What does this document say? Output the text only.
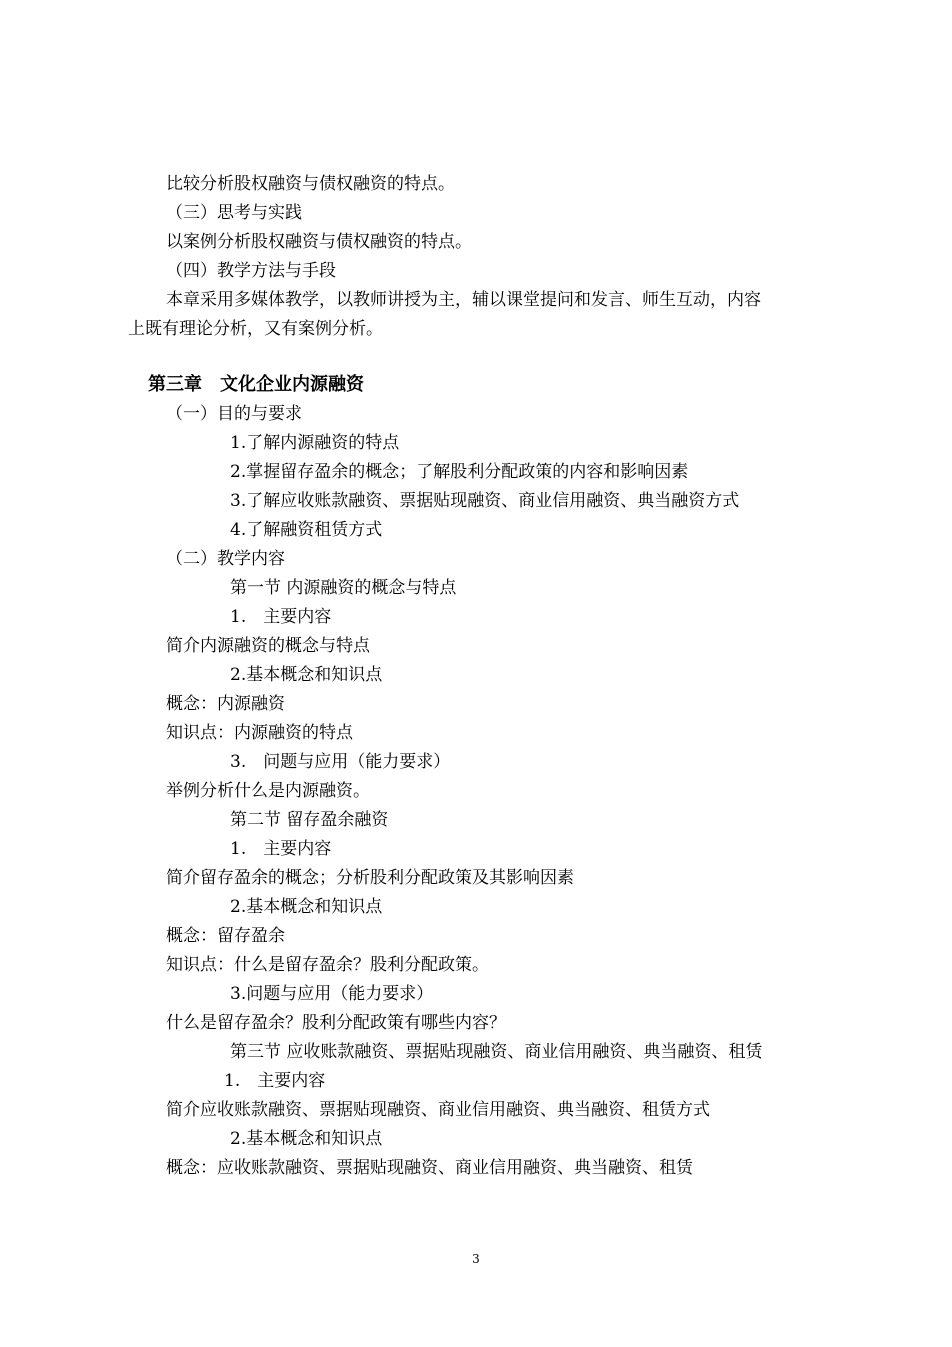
比较分析股权融资与债权融资的特点。
（三）思考与实践
以案例分析股权融资与债权融资的特点。
（四）教学方法与手段
本章采用多媒体教学，以教师讲授为主，辅以课堂提问和发言、师生互动，内容
上既有理论分析，又有案例分析。
第三章　文化企业内源融资
（一）目的与要求
1.了解内源融资的特点
2.掌握留存盈余的概念；了解股利分配政策的内容和影响因素
3.了解应收账款融资、票据贴现融资、商业信用融资、典当融资方式
4.了解融资租赁方式
（二）教学内容
第一节 内源融资的概念与特点
1.　主要内容
简介内源融资的概念与特点
2.基本概念和知识点
概念：内源融资
知识点：内源融资的特点
3.　问题与应用（能力要求）
举例分析什么是内源融资。
第二节 留存盈余融资
1.　主要内容
简介留存盈余的概念；分析股利分配政策及其影响因素
2.基本概念和知识点
概念：留存盈余
知识点：什么是留存盈余？股利分配政策。
3.问题与应用（能力要求）
什么是留存盈余？股利分配政策有哪些内容？
第三节 应收账款融资、票据贴现融资、商业信用融资、典当融资、租赁
1.　主要内容
简介应收账款融资、票据贴现融资、商业信用融资、典当融资、租赁方式
2.基本概念和知识点
概念：应收账款融资、票据贴现融资、商业信用融资、典当融资、租赁
3
